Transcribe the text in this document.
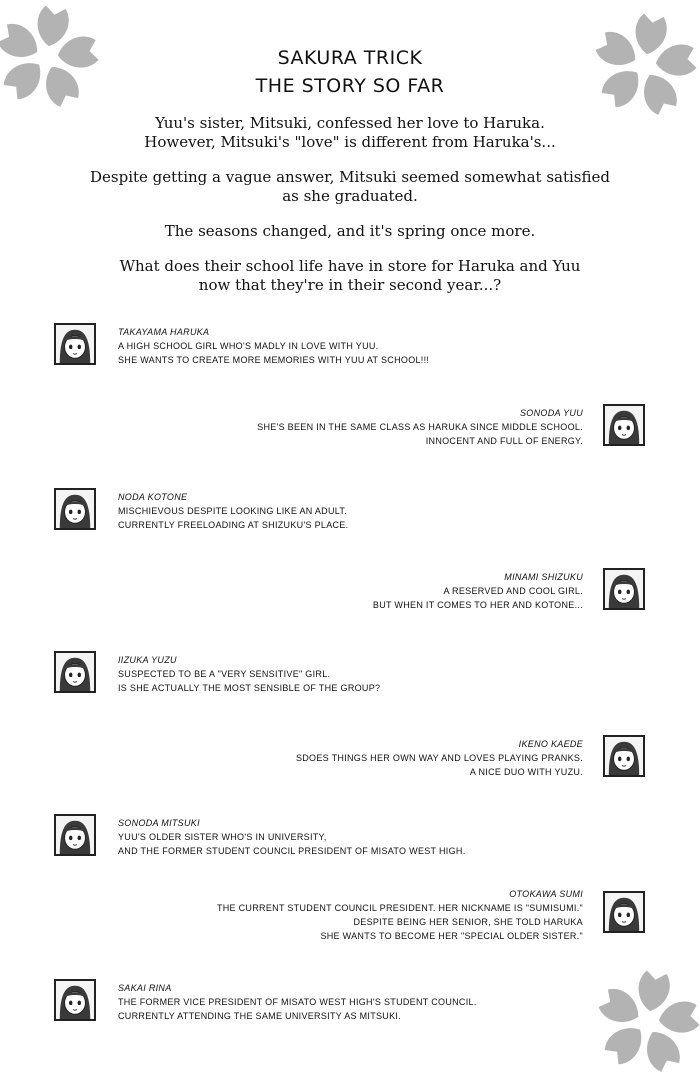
SAKURA TRICK
THE STORY SO FAR

Yuu's sister, Mitsuki, confessed her love to Haruka.
However, Mitsuki's "love" is different from Haruka's...

Despite getting a vague answer, Mitsuki seemed somewhat satisfied
as she graduated.

The seasons changed, and it's spring once more.

What does their school life have in store for Haruka and Yuu
now that they're in their second year...?

TAKAYAMA HARUKA
A HIGH SCHOOL GIRL WHO'S MADLY IN LOVE WITH YUU.
SHE WANTS TO CREATE MORE MEMORIES WITH YUU AT SCHOOL!!!
SONODA YUU
SHE'S BEEN IN THE SAME CLASS AS HARUKA SINCE MIDDLE SCHOOL.
INNOCENT AND FULL OF ENERGY.
NODA KOTONE
MISCHIEVOUS DESPITE LOOKING LIKE AN ADULT.
CURRENTLY FREELOADING AT SHIZUKU'S PLACE.
MINAMI SHIZUKU
A RESERVED AND COOL GIRL.
BUT WHEN IT COMES TO HER AND KOTONE...
IIZUKA YUZU
SUSPECTED TO BE A "VERY SENSITIVE" GIRL.
IS SHE ACTUALLY THE MOST SENSIBLE OF THE GROUP?
IKENO KAEDE
SDOES THINGS HER OWN WAY AND LOVES PLAYING PRANKS.
A NICE DUO WITH YUZU.
SONODA MITSUKI
YUU'S OLDER SISTER WHO'S IN UNIVERSITY,
AND THE FORMER STUDENT COUNCIL PRESIDENT OF MISATO WEST HIGH.
OTOKAWA SUMI
THE CURRENT STUDENT COUNCIL PRESIDENT. HER NICKNAME IS "SUMISUMI."
DESPITE BEING HER SENIOR, SHE TOLD HARUKA
SHE WANTS TO BECOME HER "SPECIAL OLDER SISTER."
SAKAI RINA
THE FORMER VICE PRESIDENT OF MISATO WEST HIGH'S STUDENT COUNCIL.
CURRENTLY ATTENDING THE SAME UNIVERSITY AS MITSUKI.
